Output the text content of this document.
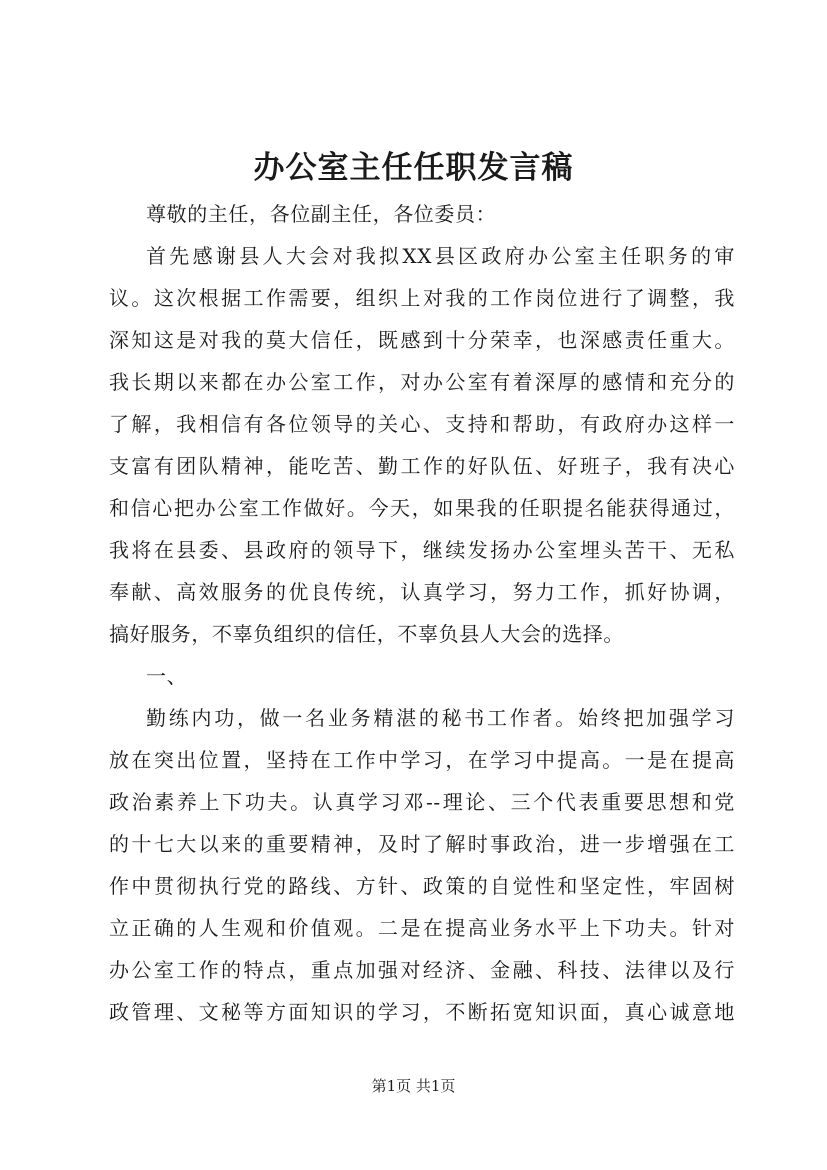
办公室主任任职发言稿
尊敬的主任，各位副主任，各位委员：
首先感谢县人大会对我拟XX县区政府办公室主任职务的审
议。这次根据工作需要，组织上对我的工作岗位进行了调整，我
深知这是对我的莫大信任，既感到十分荣幸，也深感责任重大。
我长期以来都在办公室工作，对办公室有着深厚的感情和充分的
了解，我相信有各位领导的关心、支持和帮助，有政府办这样一
支富有团队精神，能吃苦、勤工作的好队伍、好班子，我有决心
和信心把办公室工作做好。今天，如果我的任职提名能获得通过，
我将在县委、县政府的领导下，继续发扬办公室埋头苦干、无私
奉献、高效服务的优良传统，认真学习，努力工作，抓好协调，
搞好服务，不辜负组织的信任，不辜负县人大会的选择。
一、
勤练内功，做一名业务精湛的秘书工作者。始终把加强学习
放在突出位置，坚持在工作中学习，在学习中提高。一是在提高
政治素养上下功夫。认真学习邓--理论、三个代表重要思想和党
的十七大以来的重要精神，及时了解时事政治，进一步增强在工
作中贯彻执行党的路线、方针、政策的自觉性和坚定性，牢固树
立正确的人生观和价值观。二是在提高业务水平上下功夫。针对
办公室工作的特点，重点加强对经济、金融、科技、法律以及行
政管理、文秘等方面知识的学习，不断拓宽知识面，真心诚意地
第1页 共1页
